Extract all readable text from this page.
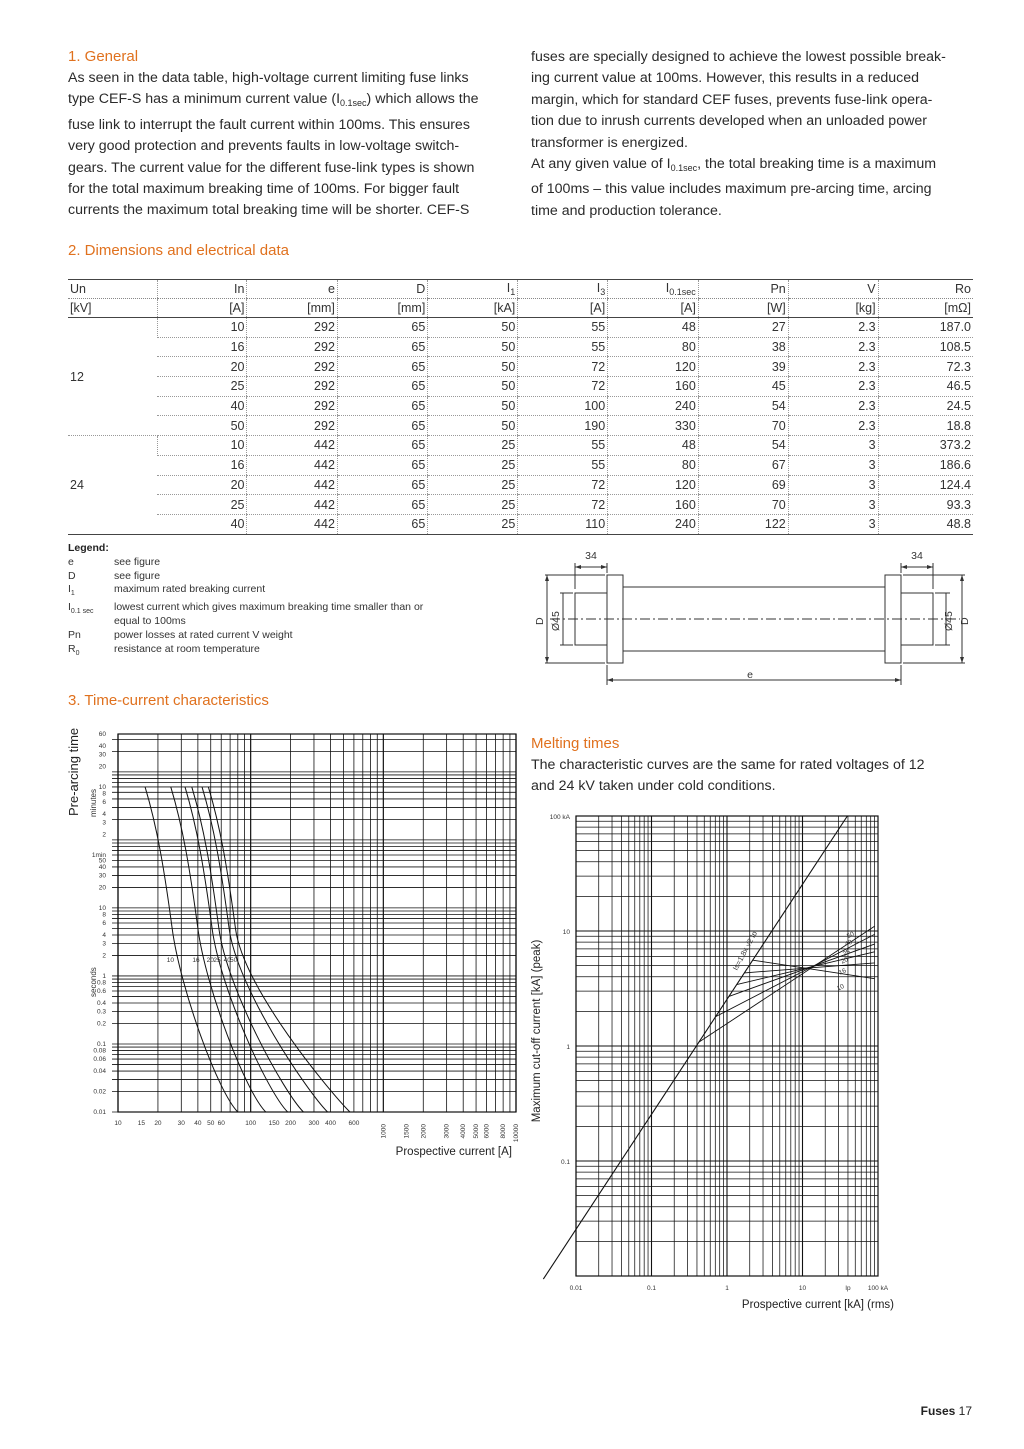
1. General

As seen in the data table, high-voltage current limiting fuse links

type CEF-S has a minimum current value $(I_{0.1sec})$ which allows the

fuse link to interrupt the fault current within 100ms. This ensures

very good protection and prevents faults in low-voltage switch-

gears. The current value for the different fuse-link types is shown

for the total maximum breaking time of 100ms. For bigger fault

currents the maximum total breaking time will be shorter. CEF-S

fuses are specially designed to achieve the lowest possible break-

ing current value at 100ms. However, this results in a reduced

margin, which for standard CEF fuses, prevents fuse-link opera-

tion due to inrush currents developed when an unloaded power

transformer is energized.

At any given value of $I_{0.1sec}$, the total breaking time is a maximum

of 100ms – this value includes maximum pre-arcing time, arcing

time and production tolerance.

2. Dimensions and electrical data
Un	In	e	D	$I_1$	$I_3$	$I_{0.1sec}$	Pn	V	Ro
[kV]	[A]	[mm]	[mm]	[kA]	[A]	[A]	[W]	[kg]	[mΩ]
12	10	292	65	50	55	48	27	2.3	187.0
	16	292	65	50	55	80	38	2.3	108.5
	20	292	65	50	72	120	39	2.3	72.3
	25	292	65	50	72	160	45	2.3	46.5
	40	292	65	50	100	240	54	2.3	24.5
	50	292	65	50	190	330	70	2.3	18.8
24	10	442	65	25	55	48	54	3	373.2
	16	442	65	25	55	80	67	3	186.6
	20	442	65	25	72	120	69	3	124.4
	25	442	65	25	72	160	70	3	93.3
	40	442	65	25	110	240	122	3	48.8
Legend:
e	see figure
D	see figure
$I_1$	maximum rated breaking current
$I_{0.1 sec}$	lowest current which gives maximum breaking time smaller than or equal to 100ms
Pn	power losses at rated current V weight
$R_0$	resistance at room temperature
34	34
D Ø45	Ø45 D
e
3. Time-current characteristics
60
40
30
20
10
8
6
4
3
2
1min
50
40
30
20
10
8
6
4
3
2
1
0.8
0.6
0.4
0.3
0.2
0.1
0.08
0.06
0.04
0.02
0.01
10 15 20 30 40 50 60	100 150 200 300 400 600
1000	1500 2000	3000 4000 5000 6000 8000 10000
10	16 20 25 40 50
Pre-arcing time minutes
seconds
Prospective current [A]
Melting times

The characteristic curves are the same for rated voltages of 12

and 24 kV taken under cold conditions.

100 kA
10
1
0.1
0.01	0.1	1	10	Ip	100 kA
Is=1.8x √2 Ip	50
40
25
20
16
10
Maximum cut-off current [kA] (peak)
Prospective current [kA] (rms)
Fuses 17
